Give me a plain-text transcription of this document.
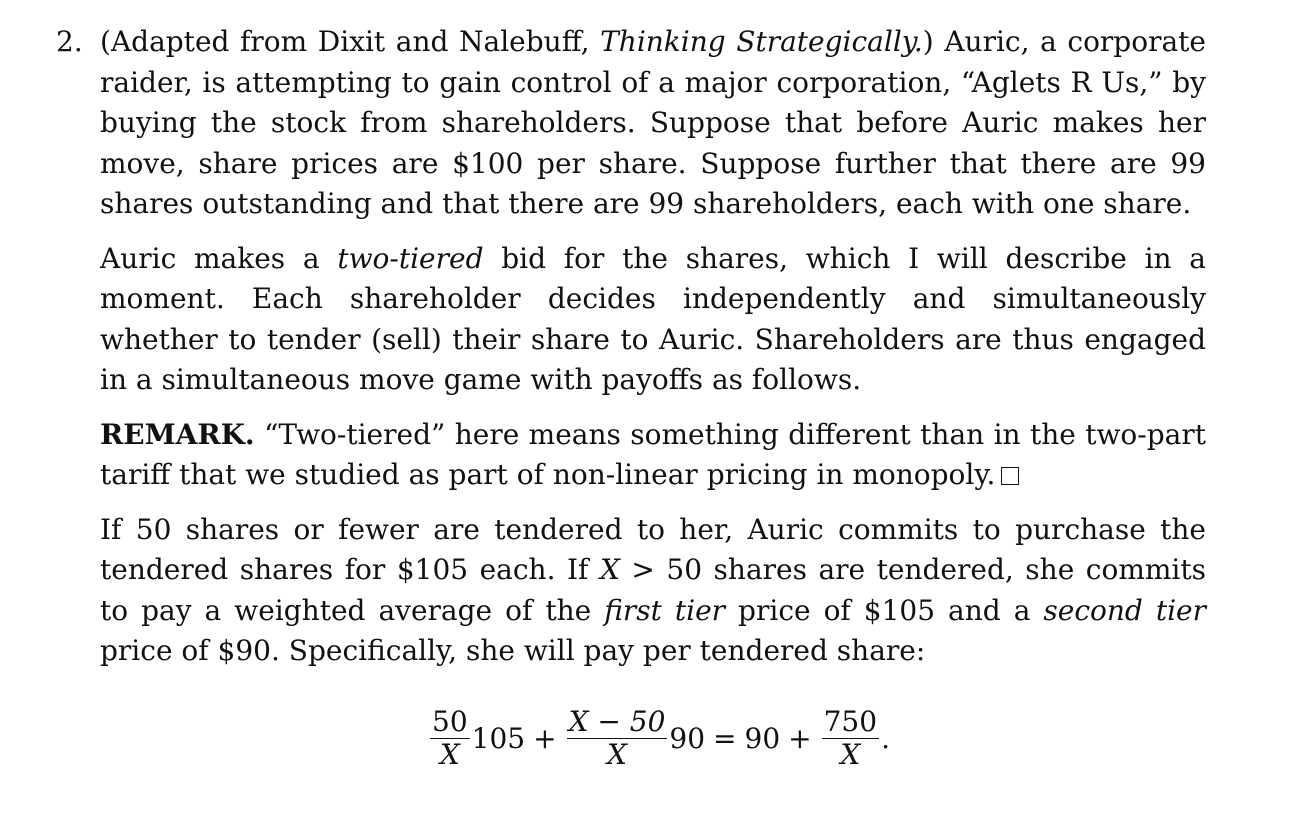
2. (Adapted from Dixit and Nalebuff, Thinking Strategically.) Auric, a corporate raider, is attempting to gain control of a major corporation, “Aglets R Us,” by buying the stock from shareholders. Suppose that before Auric makes her move, share prices are $100 per share. Suppose further that there are 99 shares outstanding and that there are 99 shareholders, each with one share.

Auric makes a two-tiered bid for the shares, which I will describe in a moment. Each shareholder decides independently and simultaneously whether to tender (sell) their share to Auric. Shareholders are thus engaged in a simultaneous move game with payoffs as follows.

REMARK. “Two-tiered” here means something different than in the two-part tariff that we studied as part of non-linear pricing in monopoly.

If 50 shares or fewer are tendered to her, Auric commits to purchase the tendered shares for $105 each. If X > 50 shares are tendered, she commits to pay a weighted average of the first tier price of $105 and a second tier price of $90. Specifically, she will pay per tendered share:

$\frac{50}{X} 105 + \frac{X - 50}{X} 90 = 90 + \frac{750}{X}$ .
